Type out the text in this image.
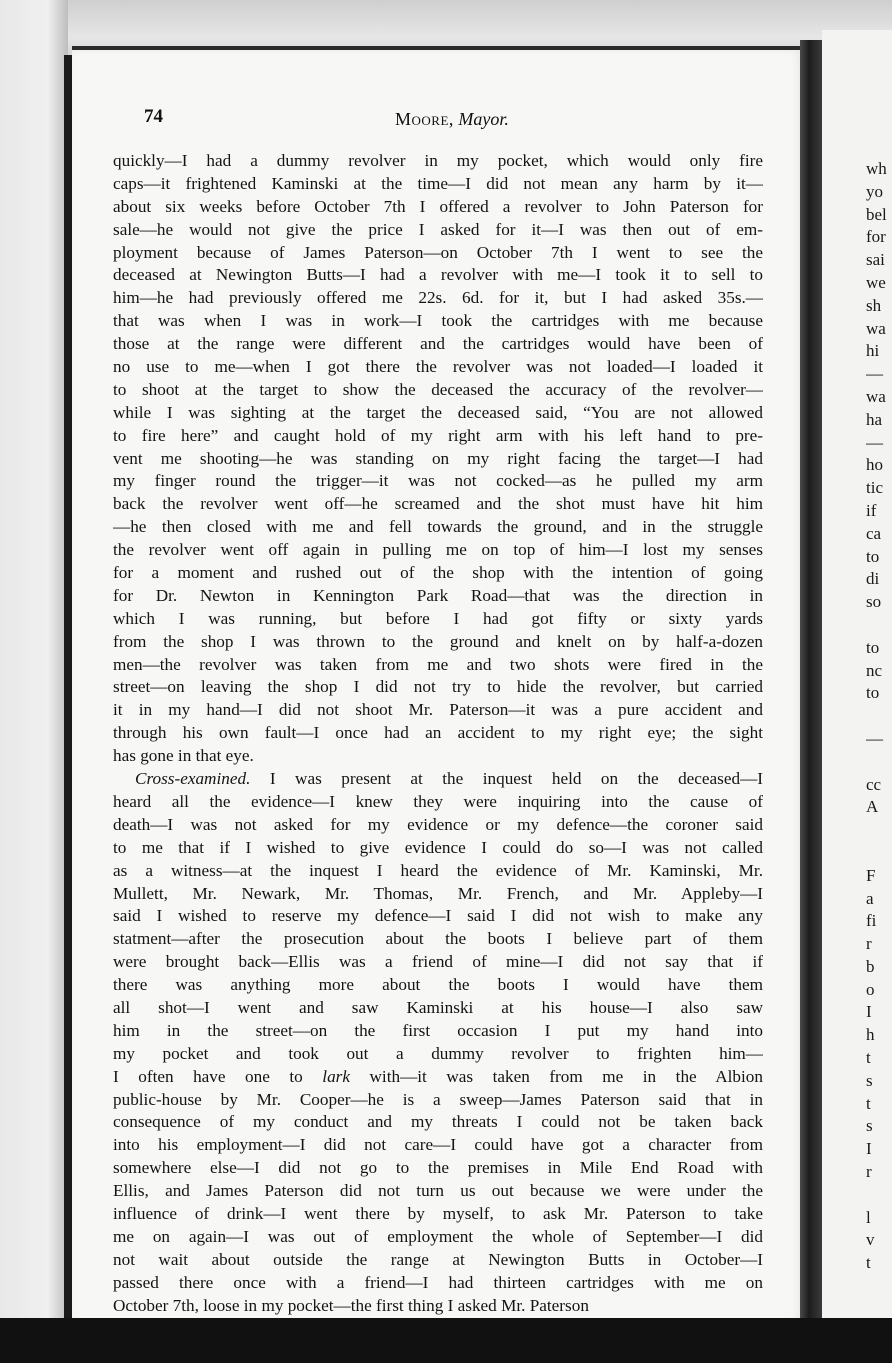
wh
yo
bel
for
sai
we
sh
wa
hi
—
wa
ha
—
ho
tic
if
ca
to
di
so

to
nc
to

—

cc
A

F
a
fi
r
b
o
I
h
t
s
t
s
I
r

l
v
t
74	Moore, Mayor.
quickly—I had a dummy revolver in my pocket, which would only fire
caps—it frightened Kaminski at the time—I did not mean any harm by it—
about six weeks before October 7th I offered a revolver to John Paterson for
sale—he would not give the price I asked for it—I was then out of em-
ployment because of James Paterson—on October 7th I went to see the
deceased at Newington Butts—I had a revolver with me—I took it to sell to
him—he had previously offered me 22s. 6d. for it, but I had asked 35s.—
that was when I was in work—I took the cartridges with me because
those at the range were different and the cartridges would have been of
no use to me—when I got there the revolver was not loaded—I loaded it
to shoot at the target to show the deceased the accuracy of the revolver—
while I was sighting at the target the deceased said, “You are not allowed
to fire here” and caught hold of my right arm with his left hand to pre-
vent me shooting—he was standing on my right facing the target—I had
my finger round the trigger—it was not cocked—as he pulled my arm
back the revolver went off—he screamed and the shot must have hit him
—he then closed with me and fell towards the ground, and in the struggle
the revolver went off again in pulling me on top of him—I lost my senses
for a moment and rushed out of the shop with the intention of going
for Dr. Newton in Kennington Park Road—that was the direction in
which I was running, but before I had got fifty or sixty yards
from the shop I was thrown to the ground and knelt on by half-a-dozen
men—the revolver was taken from me and two shots were fired in the
street—on leaving the shop I did not try to hide the revolver, but carried
it in my hand—I did not shoot Mr. Paterson—it was a pure accident and
through his own fault—I once had an accident to my right eye; the sight
has gone in that eye.
Cross-examined. I was present at the inquest held on the deceased—I
heard all the evidence—I knew they were inquiring into the cause of
death—I was not asked for my evidence or my defence—the coroner said
to me that if I wished to give evidence I could do so—I was not called
as a witness—at the inquest I heard the evidence of Mr. Kaminski, Mr.
Mullett, Mr. Newark, Mr. Thomas, Mr. French, and Mr. Appleby—I
said I wished to reserve my defence—I said I did not wish to make any
statment—after the prosecution about the boots I believe part of them
were brought back—Ellis was a friend of mine—I did not say that if
there was anything more about the boots I would have them
all shot—I went and saw Kaminski at his house—I also saw
him in the street—on the first occasion I put my hand into
my pocket and took out a dummy revolver to frighten him—
I often have one to lark with—it was taken from me in the Albion
public-house by Mr. Cooper—he is a sweep—James Paterson said that in
consequence of my conduct and my threats I could not be taken back
into his employment—I did not care—I could have got a character from
somewhere else—I did not go to the premises in Mile End Road with
Ellis, and James Paterson did not turn us out because we were under the
influence of drink—I went there by myself, to ask Mr. Paterson to take
me on again—I was out of employment the whole of September—I did
not wait about outside the range at Newington Butts in October—I
passed there once with a friend—I had thirteen cartridges with me on
October 7th, loose in my pocket—the first thing I asked Mr. Paterson
